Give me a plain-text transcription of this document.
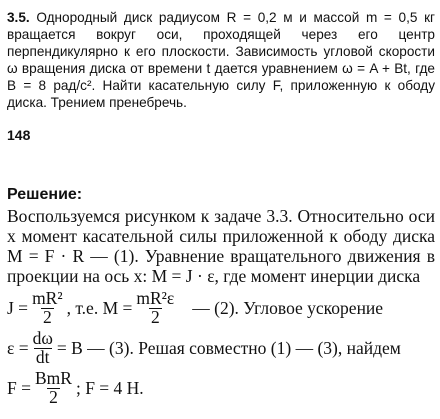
3.5. Однородный диск радиусом R = 0,2 м и массой m = 0,5 кг вращается вокруг оси, проходящей через его центр перпендикулярно к его плоскости. Зависимость угловой скорости ω вращения диска от времени t дается уравнением ω = A + Bt, где B = 8 рад/с². Найти касательную силу F, приложенную к ободу диска. Трением пренебречь.
148
Решение:
Воспользуемся рисунком к задаче 3.3. Относительно оси x момент касательной силы приложенной к ободу диска M = F · R — (1). Уравнение вращательного движения в проекции на ось x: M = J · ε, где момент инерции диска
$J = \frac{\text{mR²}}{2}$ , т.е. $M = \frac{\text{mR²ε}}{2}$ — (2). Угловое ускорение
$\varepsilon = \frac{d\omega}{dt} = B$ — (3). Решая совместно (1) — (3), найдем
$F = \frac{\text{BmR}}{2}$ ; F = 4 Н.
